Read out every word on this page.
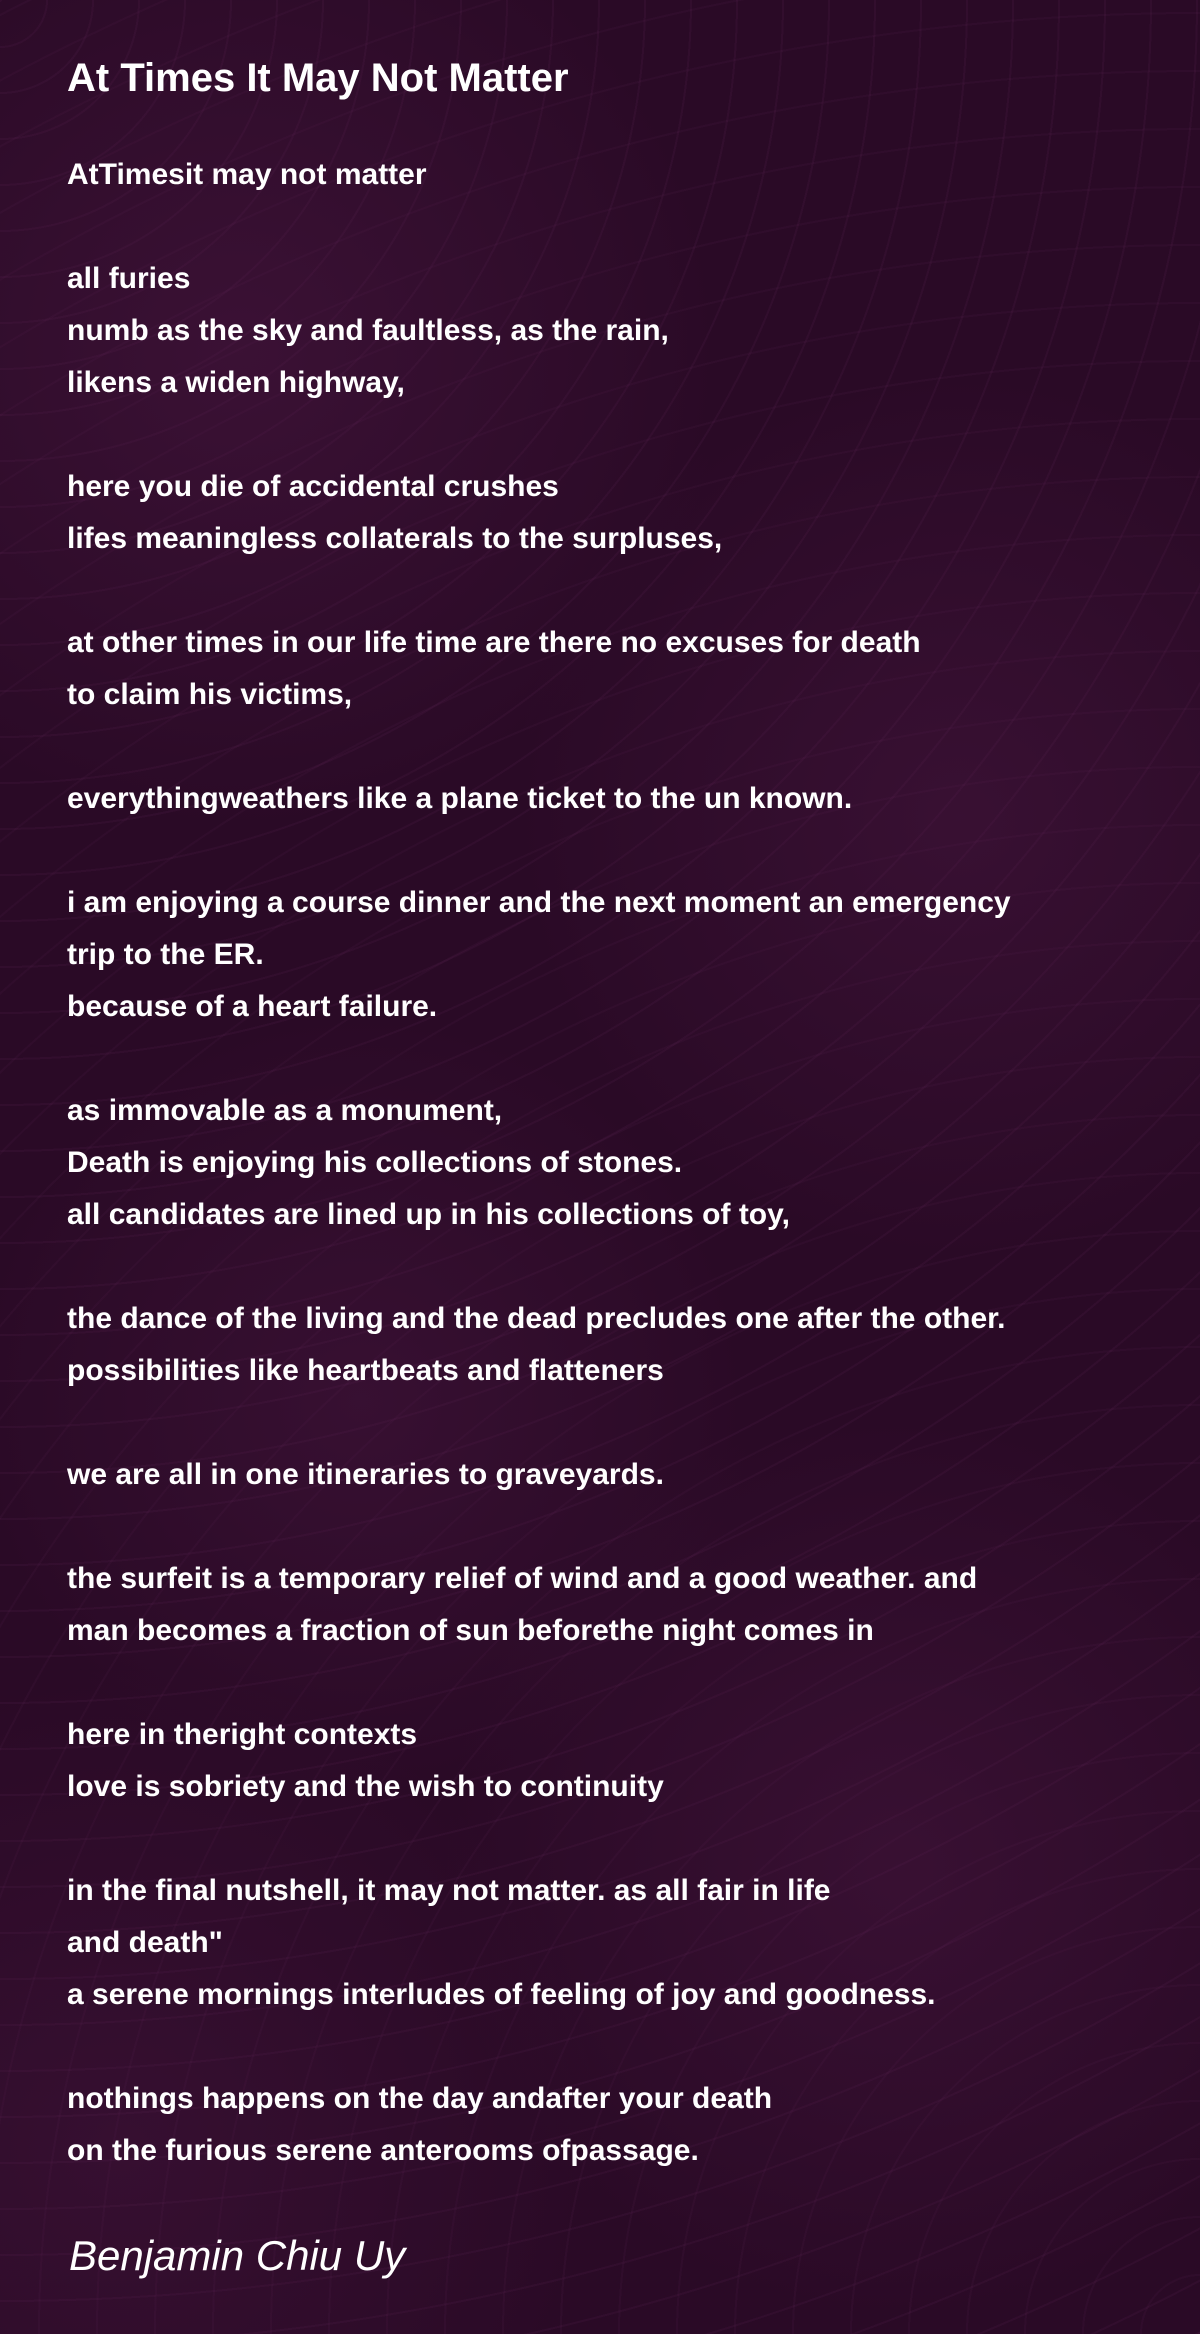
At Times It May Not Matter
AtTimesit may not matter
all furies
numb as the sky and faultless, as the rain,
likens a widen highway,
here you die of accidental crushes
lifes meaningless collaterals to the surpluses,
at other times in our life time are there no excuses for death
to claim his victims,
everythingweathers like a plane ticket to the un known.
i am enjoying a course dinner and the next moment an emergency
trip to the ER.
because of a heart failure.
as immovable as a monument,
Death is enjoying his collections of stones.
all candidates are lined up in his collections of toy,
the dance of the living and the dead precludes one after the other.
possibilities like heartbeats and flatteners
we are all in one itineraries to graveyards.
the surfeit is a temporary relief of wind and a good weather. and
man becomes a fraction of sun beforethe night comes in
here in theright contexts
love is sobriety and the wish to continuity
in the final nutshell, it may not matter. as all fair in life
and death"
a serene mornings interludes of feeling of joy and goodness.
nothings happens on the day andafter your death
on the furious serene anterooms ofpassage.
Benjamin Chiu Uy
